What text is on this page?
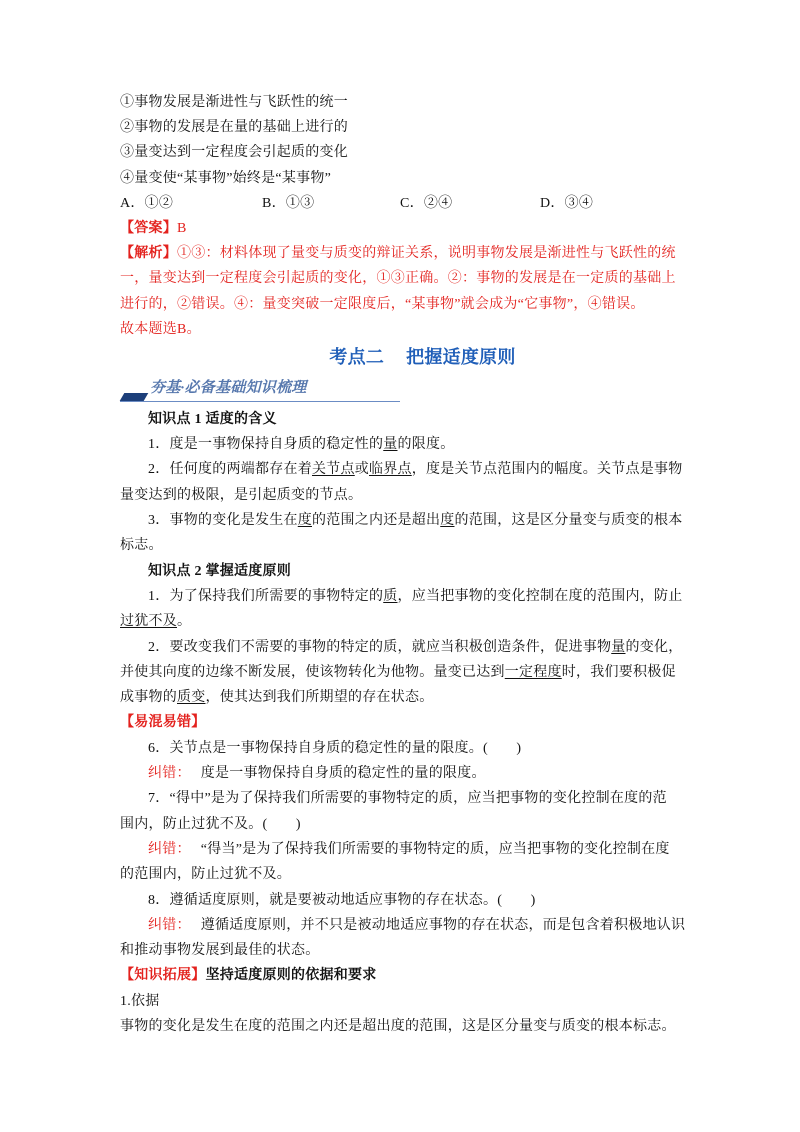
①事物发展是渐进性与飞跃性的统一
②事物的发展是在量的基础上进行的
③量变达到一定程度会引起质的变化
④量变使“某事物”始终是“某事物”
A．①②	B．①③	C．②④	D．③④
【答案】B
【解析】①③：材料体现了量变与质变的辩证关系，说明事物发展是渐进性与飞跃性的统
一，量变达到一定程度会引起质的变化，①③正确。②：事物的发展是在一定质的基础上
进行的，②错误。④：量变突破一定限度后，“某事物”就会成为“它事物”，④错误。
故本题选B。
考点二 把握适度原则
夯基·必备基础知识梳理
知识点 1 适度的含义
1．度是一事物保持自身质的稳定性的量的限度。
2．任何度的两端都存在着关节点或临界点，度是关节点范围内的幅度。关节点是事物
量变达到的极限，是引起质变的节点。
3．事物的变化是发生在度的范围之内还是超出度的范围，这是区分量变与质变的根本
标志。
知识点 2 掌握适度原则
1．为了保持我们所需要的事物特定的质，应当把事物的变化控制在度的范围内，防止
过犹不及。
2．要改变我们不需要的事物的特定的质，就应当积极创造条件，促进事物量的变化，
并使其向度的边缘不断发展，使该物转化为他物。量变已达到一定程度时，我们要积极促
成事物的质变，使其达到我们所期望的存在状态。
【易混易错】
6．关节点是一事物保持自身质的稳定性的量的限度。(　　)
纠错： 度是一事物保持自身质的稳定性的量的限度。
7．“得中”是为了保持我们所需要的事物特定的质，应当把事物的变化控制在度的范
围内，防止过犹不及。(　　)
纠错： “得当”是为了保持我们所需要的事物特定的质，应当把事物的变化控制在度
的范围内，防止过犹不及。
8．遵循适度原则，就是要被动地适应事物的存在状态。(　　)
纠错： 遵循适度原则，并不只是被动地适应事物的存在状态，而是包含着积极地认识
和推动事物发展到最佳的状态。
【知识拓展】坚持适度原则的依据和要求
1.依据
事物的变化是发生在度的范围之内还是超出度的范围，这是区分量变与质变的根本标志。
